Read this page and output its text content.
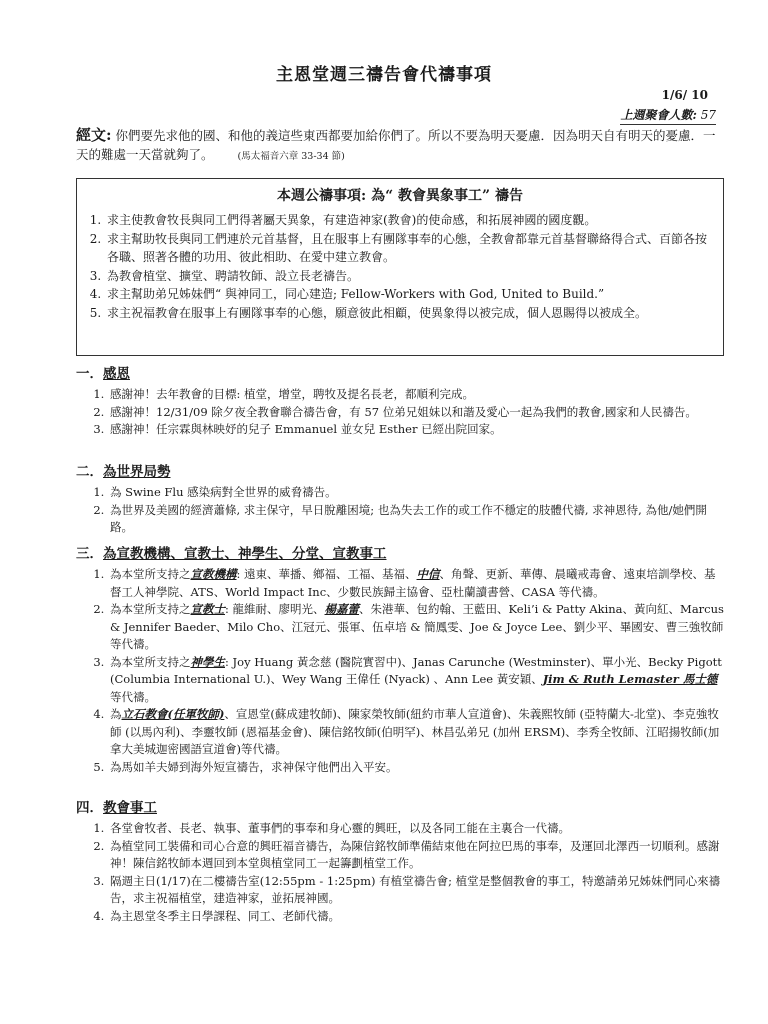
主恩堂週三禱告會代禱事項
1/6/ 10
上週聚會人數: 57
經文: 你們要先求他的國、和他的義這些東西都要加給你們了。所以不要為明天憂慮．因為明天自有明天的憂慮．一天的難處一天當就夠了。	(馬太福音六章 33-34 節)
本週公禱事項: 為“ 教會異象事工” 禱告
1. 求主使教會牧長與同工們得著屬天異象，有建造神家(教會)的使命感，和拓展神國的國度觀。
2. 求主幫助牧長與同工們連於元首基督，且在服事上有團隊事奉的心態，全教會都靠元首基督聯絡得合式、百節各按各職、照著各體的功用、彼此相助、在愛中建立教會。
3. 為教會植堂、擴堂、聘請牧師、設立長老禱告。
4. 求主幫助弟兄姊妹們“ 與神同工，同心建造; Fellow-Workers with God, United to Build.”
5. 求主祝福教會在服事上有團隊事奉的心態，願意彼此相顧，使異象得以被完成，個人恩賜得以被成全。
一．感恩
1. 感謝神！去年教會的目標: 植堂，增堂，聘牧及提名長老，都順利完成。
2. 感謝神！12/31/09 除夕夜全教會聯合禱告會，有 57 位弟兄姐妹以和諧及愛心一起為我們的教會,國家和人民禱告。
3. 感謝神！任宗霖與林映妤的兒子 Emmanuel 並女兒 Esther 已經出院回家。
二．為世界局勢
1. 為 Swine Flu 感染病對全世界的威脅禱告。
2. 為世界及美國的經濟蕭條, 求主保守，早日脫離困境; 也為失去工作的或工作不穩定的肢體代禱, 求神恩待, 為他/她們開路。
三．為宣教機構、宣教士、神學生、分堂、宣教事工
1. 為本堂所支持之宣教機構: 遠東、華播、鄉福、工福、基福、中信、角聲、更新、華傳、晨曦戒毒會、遠東培訓學校、基督工人神學院、ATS、World Impact Inc、少數民族歸主協會、亞杜蘭讀書營、CASA 等代禱。
2. 為本堂所支持之宣教士: 龍維耐、廖明光、楊嘉蕾、朱港華、包約翰、王藍田、Keli’i & Patty Akina、黃向紅、Marcus & Jennifer Baeder、Milo Cho、江冠元、張軍、伍卓培 & 簡鳳雯、Joe & Joyce Lee、劉少平、畢國安、曹三強牧師等代禱。
3. 為本堂所支持之神學生: Joy Huang 黃念慈 (醫院實習中)、Janas Carunche (Westminster)、單小光、Becky Pigott (Columbia International U.)、Wey Wang 王偉任 (Nyack) 、Ann Lee 黃安穎、Jim & Ruth Lemaster 馬士德等代禱。
4. 為立石教會(任軍牧師)、宣恩堂(蘇成建牧師)、陳家榮牧師(紐約市華人宣道會)、朱義熙牧師 (亞特蘭大-北堂)、李克強牧師 (以馬內利)、李靈牧師 (恩福基金會)、陳信銘牧師(伯明罕)、林昌弘弟兄 (加州 ERSM)、李秀全牧師、江昭揚牧師(加拿大美城迦密國語宣道會)等代禱。
5. 為馬如羊夫婦到海外短宣禱告，求神保守他們出入平安。
四．教會事工
1. 各堂會牧者、長老、執事、董事們的事奉和身心靈的興旺，以及各同工能在主裏合一代禱。
2. 為植堂同工裝備和司心合意的興旺福音禱告，為陳信銘牧師準備結束他在阿拉巴馬的事奉，及運回北澤西一切順利。感謝神！陳信銘牧師本週回到本堂與植堂同工一起籌劃植堂工作。
3. 隔週主日(1/17)在二樓禱告室(12:55pm - 1:25pm) 有植堂禱告會; 植堂是整個教會的事工，特邀請弟兄姊妹們同心來禱告，求主祝福植堂，建造神家，並拓展神國。
4. 為主恩堂冬季主日學課程、同工、老師代禱。
